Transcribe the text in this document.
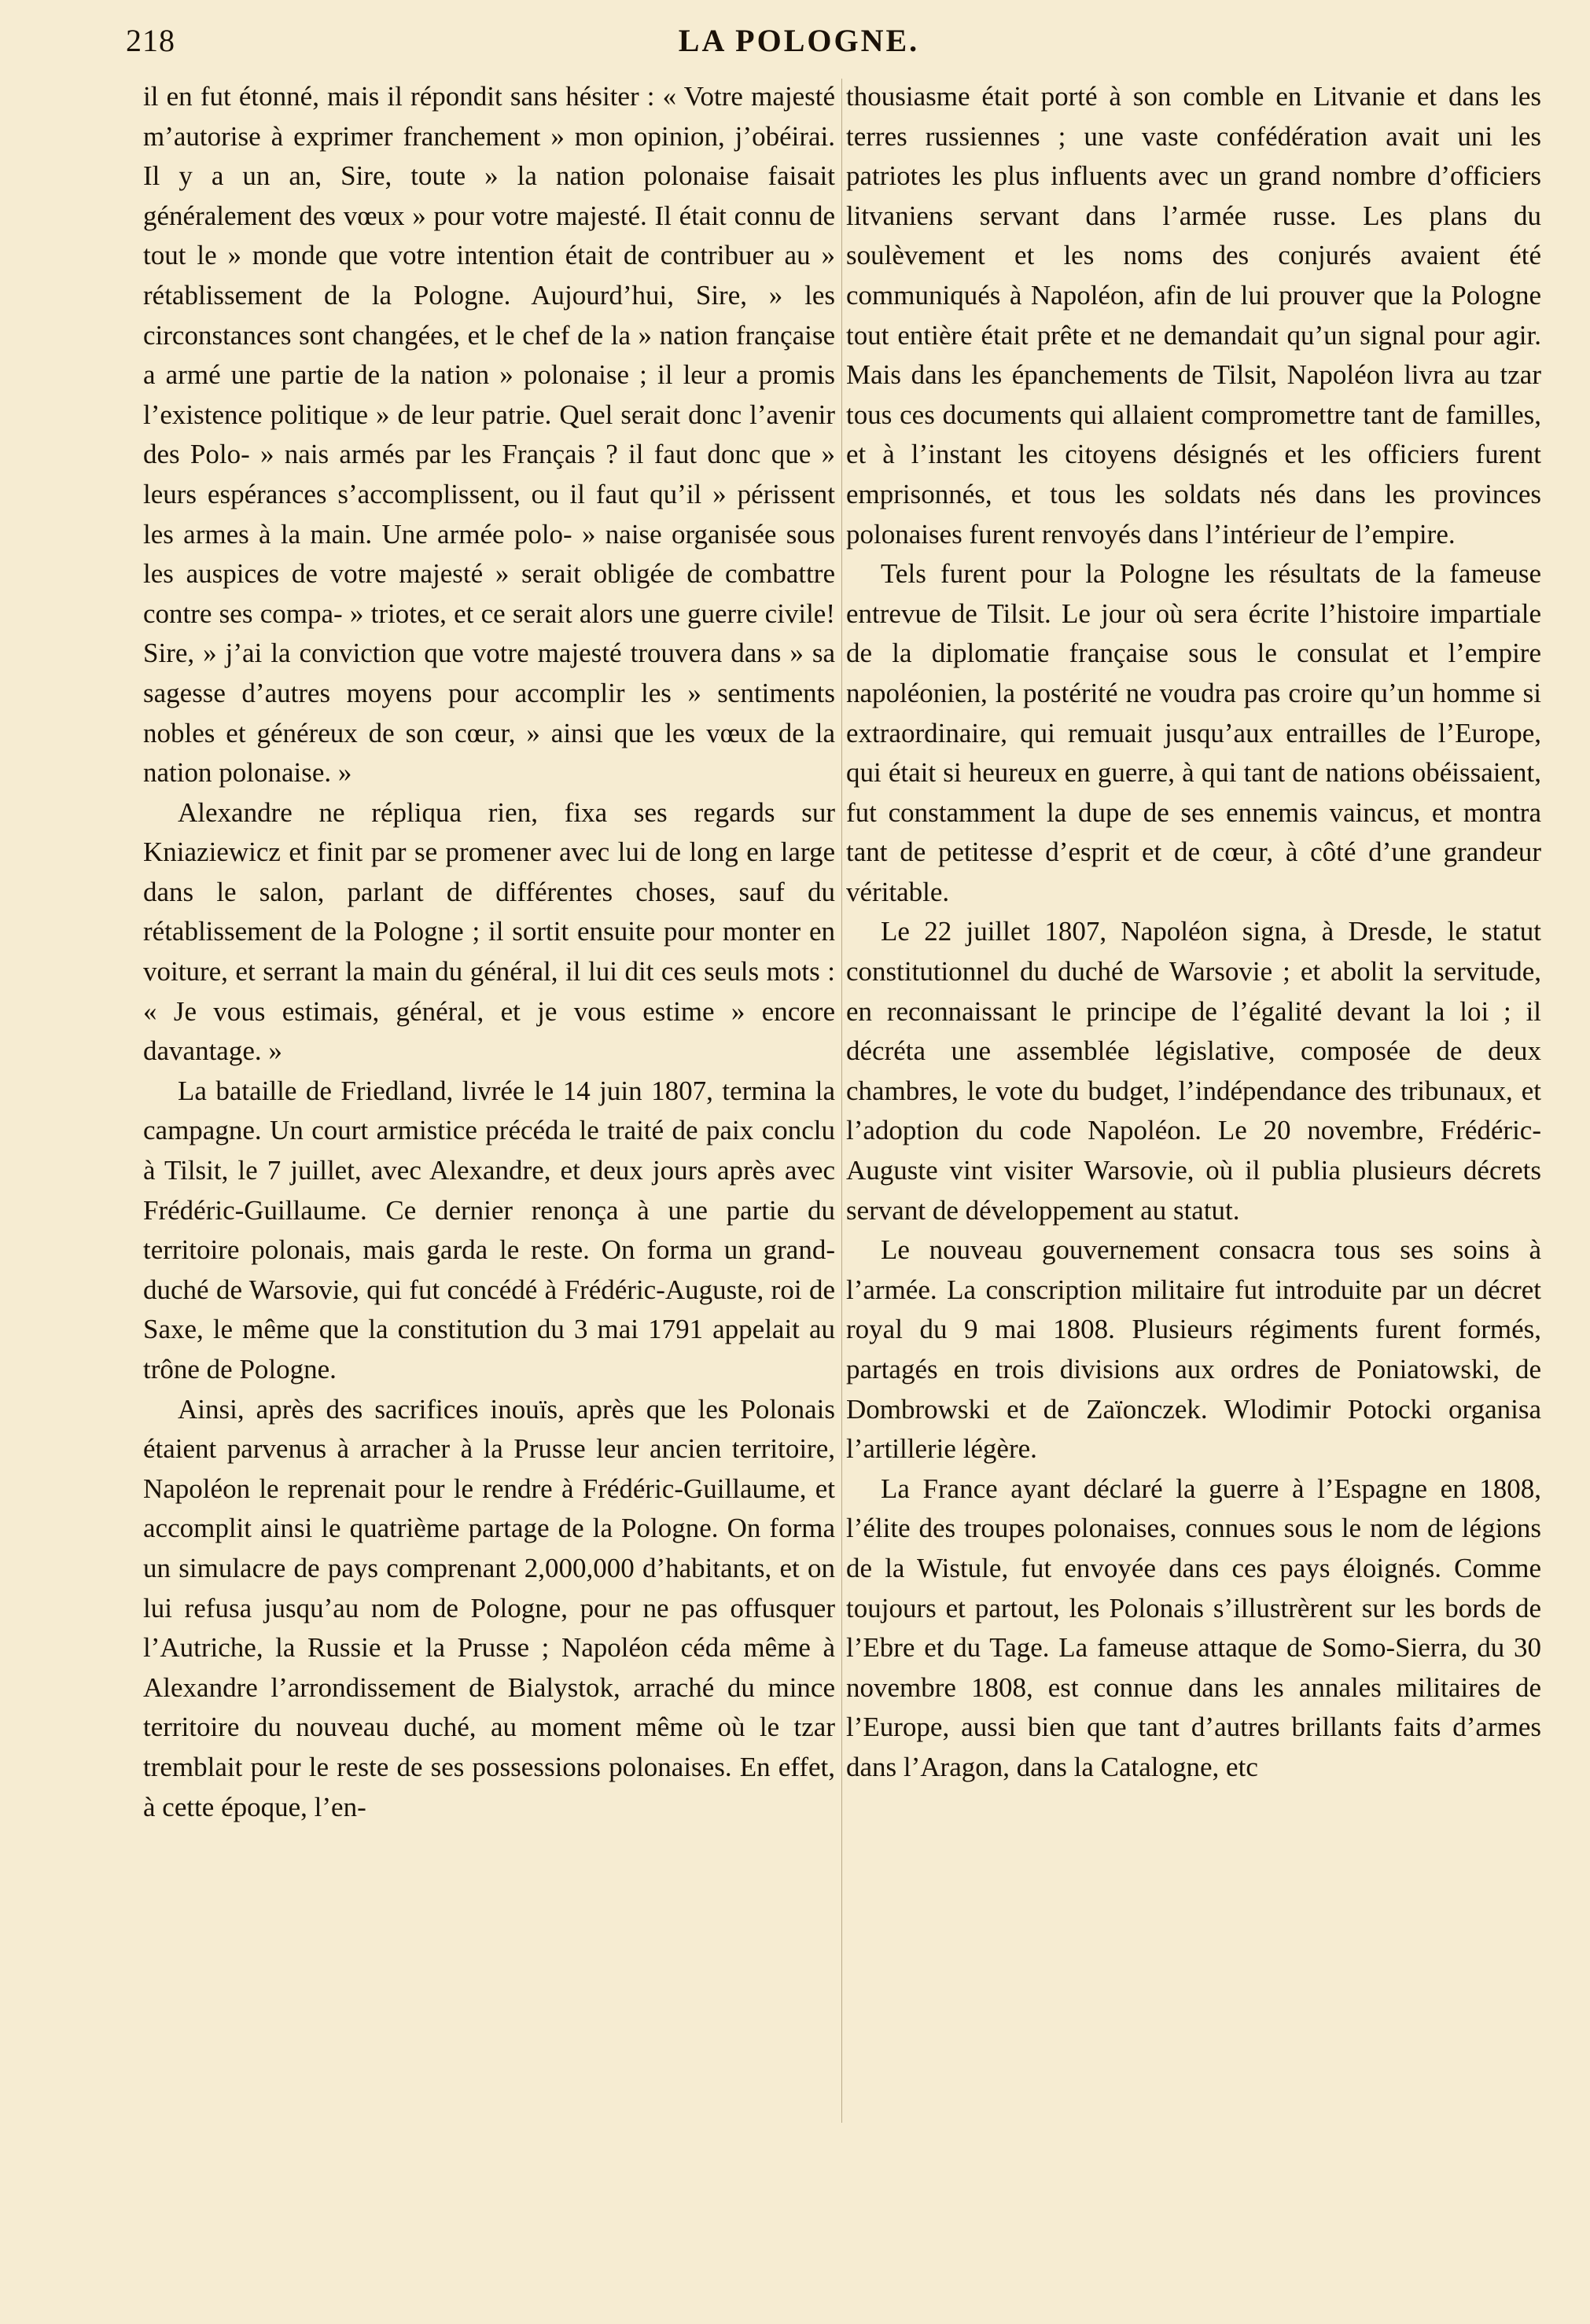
218	LA POLOGNE.

il en fut étonné, mais il répondit sans hésiter : « Votre majesté m’autorise à exprimer franchement » mon opinion, j’obéirai. Il y a un an, Sire, toute » la nation polonaise faisait généralement des vœux » pour votre majesté. Il était connu de tout le » monde que votre intention était de contribuer au » rétablissement de la Pologne. Aujourd’hui, Sire, » les circonstances sont changées, et le chef de la » nation française a armé une partie de la nation » polonaise ; il leur a promis l’existence politique » de leur patrie. Quel serait donc l’avenir des Polo- » nais armés par les Français ? il faut donc que » leurs espérances s’accomplissent, ou il faut qu’il » périssent les armes à la main. Une armée polo- » naise organisée sous les auspices de votre majesté » serait obligée de combattre contre ses compa- » triotes, et ce serait alors une guerre civile! Sire, » j’ai la conviction que votre majesté trouvera dans » sa sagesse d’autres moyens pour accomplir les » sentiments nobles et généreux de son cœur, » ainsi que les vœux de la nation polonaise. »

Alexandre ne répliqua rien, fixa ses regards sur Kniaziewicz et finit par se promener avec lui de long en large dans le salon, parlant de différentes choses, sauf du rétablissement de la Pologne ; il sortit ensuite pour monter en voiture, et serrant la main du général, il lui dit ces seuls mots : « Je vous estimais, général, et je vous estime » encore davantage. »

La bataille de Friedland, livrée le 14 juin 1807, termina la campagne. Un court armistice précéda le traité de paix conclu à Tilsit, le 7 juillet, avec Alexandre, et deux jours après avec Frédéric-Guillaume. Ce dernier renonça à une partie du territoire polonais, mais garda le reste. On forma un grand-duché de Warsovie, qui fut concédé à Frédéric-Auguste, roi de Saxe, le même que la constitution du 3 mai 1791 appelait au trône de Pologne.

Ainsi, après des sacrifices inouïs, après que les Polonais étaient parvenus à arracher à la Prusse leur ancien territoire, Napoléon le reprenait pour le rendre à Frédéric-Guillaume, et accomplit ainsi le quatrième partage de la Pologne. On forma un simulacre de pays comprenant 2,000,000 d’habitants, et on lui refusa jusqu’au nom de Pologne, pour ne pas offusquer l’Autriche, la Russie et la Prusse ; Napoléon céda même à Alexandre l’arrondissement de Bialystok, arraché du mince territoire du nouveau duché, au moment même où le tzar tremblait pour le reste de ses possessions polonaises. En effet, à cette époque, l’en-

thousiasme était porté à son comble en Litvanie et dans les terres russiennes ; une vaste confédération avait uni les patriotes les plus influents avec un grand nombre d’officiers litvaniens servant dans l’armée russe. Les plans du soulèvement et les noms des conjurés avaient été communiqués à Napoléon, afin de lui prouver que la Pologne tout entière était prête et ne demandait qu’un signal pour agir. Mais dans les épanchements de Tilsit, Napoléon livra au tzar tous ces documents qui allaient compromettre tant de familles, et à l’instant les citoyens désignés et les officiers furent emprisonnés, et tous les soldats nés dans les provinces polonaises furent renvoyés dans l’intérieur de l’empire.

Tels furent pour la Pologne les résultats de la fameuse entrevue de Tilsit. Le jour où sera écrite l’histoire impartiale de la diplomatie française sous le consulat et l’empire napoléonien, la postérité ne voudra pas croire qu’un homme si extraordinaire, qui remuait jusqu’aux entrailles de l’Europe, qui était si heureux en guerre, à qui tant de nations obéissaient, fut constamment la dupe de ses ennemis vaincus, et montra tant de petitesse d’esprit et de cœur, à côté d’une grandeur véritable.

Le 22 juillet 1807, Napoléon signa, à Dresde, le statut constitutionnel du duché de Warsovie ; et abolit la servitude, en reconnaissant le principe de l’égalité devant la loi ; il décréta une assemblée législative, composée de deux chambres, le vote du budget, l’indépendance des tribunaux, et l’adoption du code Napoléon. Le 20 novembre, Frédéric-Auguste vint visiter Warsovie, où il publia plusieurs décrets servant de développement au statut.

Le nouveau gouvernement consacra tous ses soins à l’armée. La conscription militaire fut introduite par un décret royal du 9 mai 1808. Plusieurs régiments furent formés, partagés en trois divisions aux ordres de Poniatowski, de Dombrowski et de Zaïonczek. Wlodimir Potocki organisa l’artillerie légère.

La France ayant déclaré la guerre à l’Espagne en 1808, l’élite des troupes polonaises, connues sous le nom de légions de la Wistule, fut envoyée dans ces pays éloignés. Comme toujours et partout, les Polonais s’illustrèrent sur les bords de l’Ebre et du Tage. La fameuse attaque de Somo-Sierra, du 30 novembre 1808, est connue dans les annales militaires de l’Europe, aussi bien que tant d’autres brillants faits d’armes dans l’Aragon, dans la Catalogne, etc
